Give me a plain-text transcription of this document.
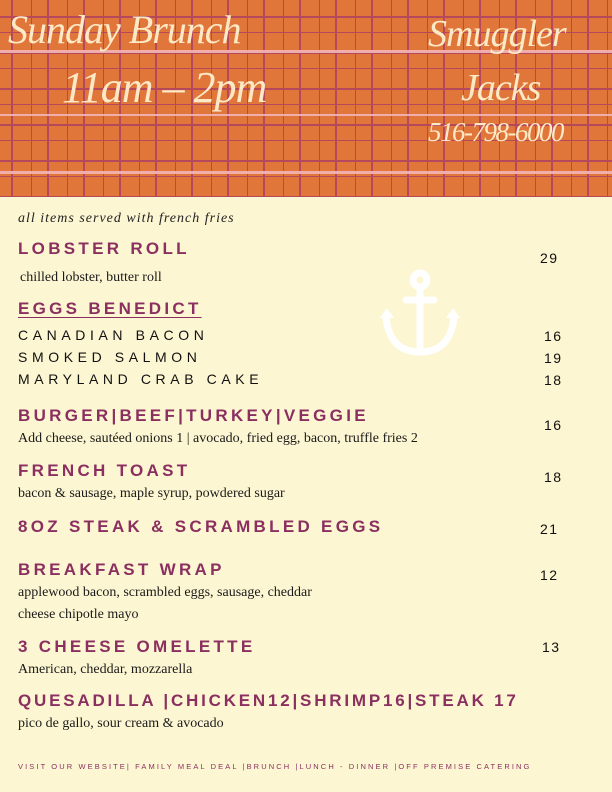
Sunday Brunch
11am – 2pm
Smuggler
Jacks
516-798-6000
all items served with french fries
LOBSTER ROLL
chilled lobster, butter roll
29
EGGS BENEDICT
CANADIAN BACON	16
SMOKED SALMON	19
MARYLAND CRAB CAKE	18
BURGER|BEEF|TURKEY|VEGGIE
Add cheese, sautéed onions 1 | avocado, fried egg, bacon, truffle fries 2
16
FRENCH TOAST
bacon & sausage, maple syrup, powdered sugar
18
8OZ STEAK & SCRAMBLED EGGS	21
BREAKFAST WRAP
applewood bacon, scrambled eggs, sausage, cheddar
cheese chipotle mayo
12
3 CHEESE OMELETTE
American, cheddar, mozzarella
13
QUESADILLA |CHICKEN12|SHRIMP16|STEAK 17
pico de gallo, sour cream & avocado
VISIT OUR WEBSITE| FAMILY MEAL DEAL |BRUNCH |LUNCH - DINNER |OFF PREMISE CATERING
